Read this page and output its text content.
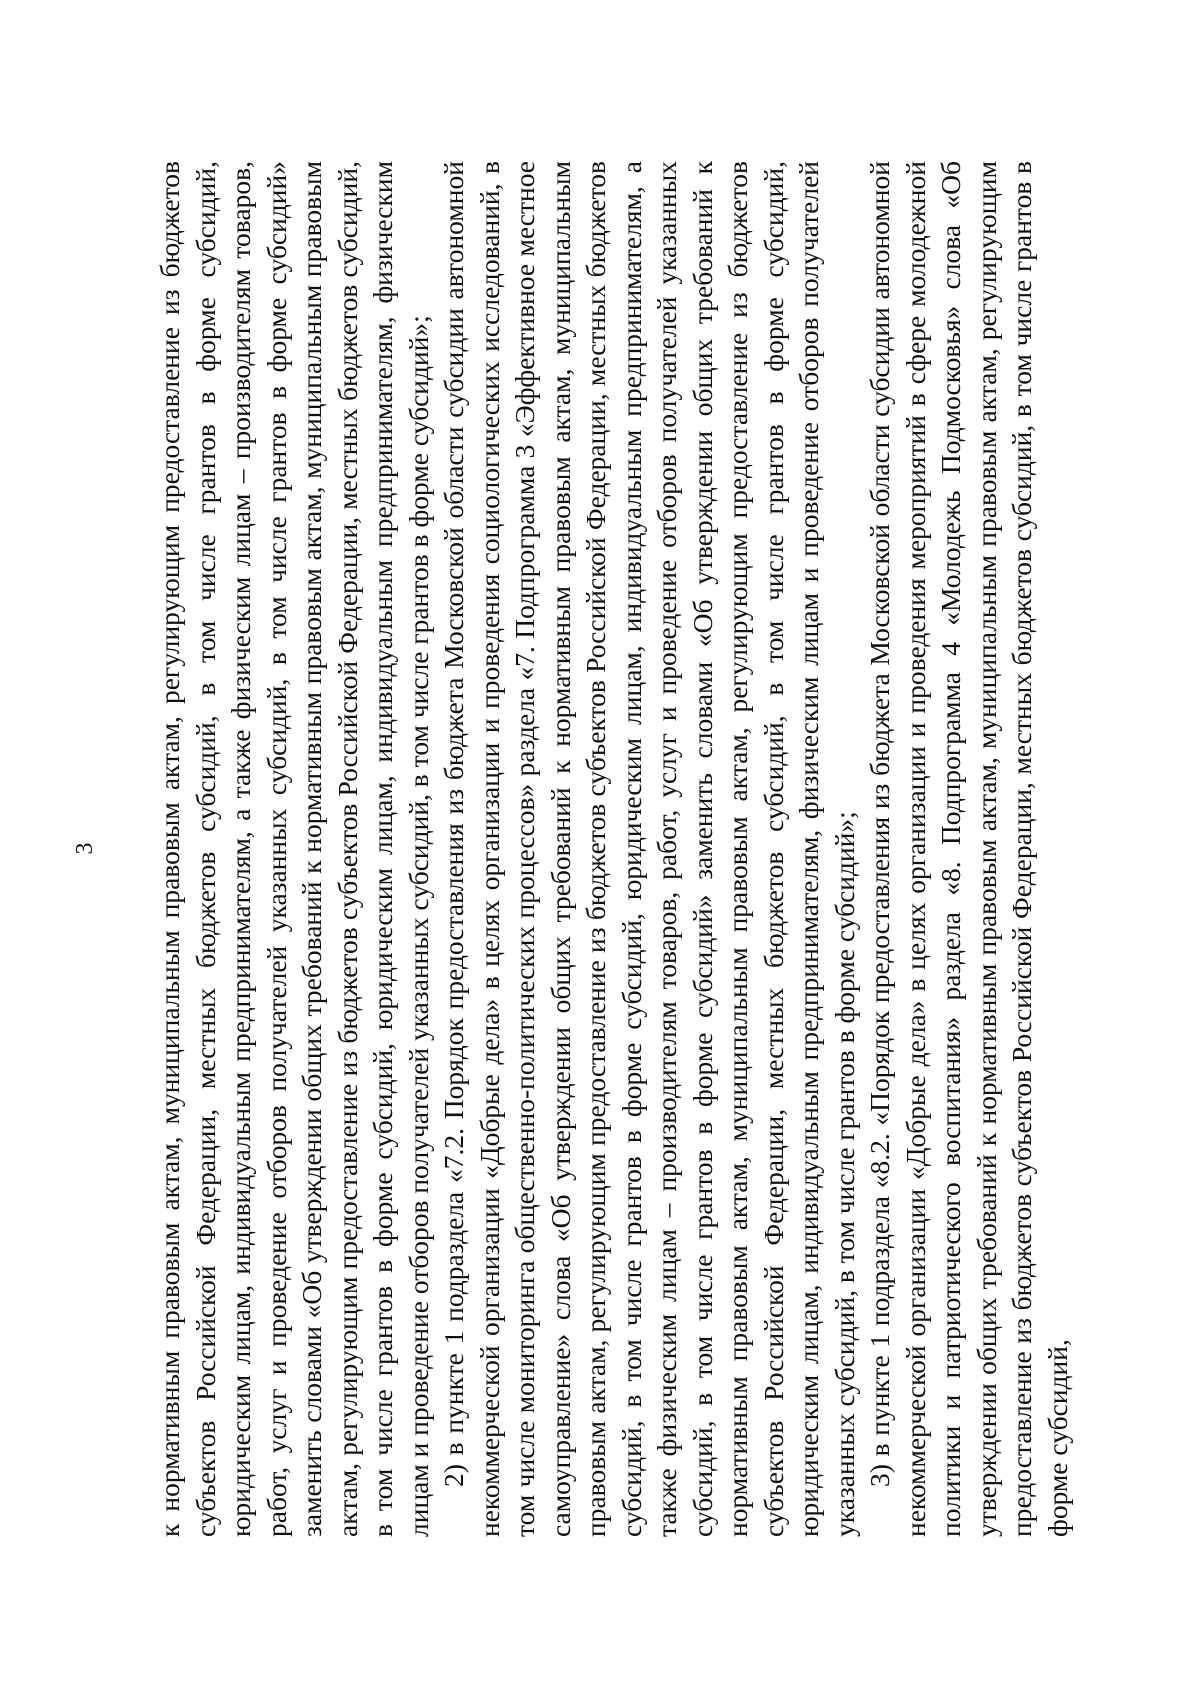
3 к нормативным правовым актам, муниципальным правовым актам, регулирующим предоставление из бюджетов субъектов Российской Федерации, местных бюджетов субсидий, в том числе грантов в форме субсидий, юридическим лицам, индивидуальным предпринимателям, а также физическим лицам – производителям товаров, работ, услуг и проведение отборов получателей указанных субсидий, в том числе грантов в форме субсидий» заменить словами «Об утверждении общих требований к нормативным правовым актам, муниципальным правовым актам, регулирующим предоставление из бюджетов субъектов Российской Федерации, местных бюджетов субсидий, в том числе грантов в форме субсидий, юридическим лицам, индивидуальным предпринимателям, физическим лицам и проведение отборов получателей указанных субсидий, в том числе грантов в форме субсидий»; 2) в пункте 1 подраздела «7.2. Порядок предоставления из бюджета Московской области субсидии автономной некоммерческой организации «Добрые дела» в целях организации и проведения социологических исследований, в том числе мониторинга общественно-политических процессов» раздела «7. Подпрограмма 3 «Эффективное местное самоуправление» слова «Об утверждении общих требований к нормативным правовым актам, муниципальным правовым актам, регулирующим предоставление из бюджетов субъектов Российской Федерации, местных бюджетов субсидий, в том числе грантов в форме субсидий, юридическим лицам, индивидуальным предпринимателям, а также физическим лицам – производителям товаров, работ, услуг и проведение отборов получателей указанных субсидий, в том числе грантов в форме субсидий» заменить словами «Об утверждении общих требований к нормативным правовым актам, муниципальным правовым актам, регулирующим предоставление из бюджетов субъектов Российской Федерации, местных бюджетов субсидий, в том числе грантов в форме субсидий, юридическим лицам, индивидуальным предпринимателям, физическим лицам и проведение отборов получателей указанных субсидий, в том числе грантов в форме субсидий»; 3) в пункте 1 подраздела «8.2. «Порядок предоставления из бюджета Московской области субсидии автономной некоммерческой организации «Добрые дела» в целях организации и проведения мероприятий в сфере молодежной политики и патриотического воспитания» раздела «8. Подпрограмма 4 «Молодежь Подмосковья» слова «Об утверждении общих требований к нормативным правовым актам, муниципальным правовым актам, регулирующим предоставление из бюджетов субъектов Российской Федерации, местных бюджетов субсидий, в том числе грантов в форме субсидий,
